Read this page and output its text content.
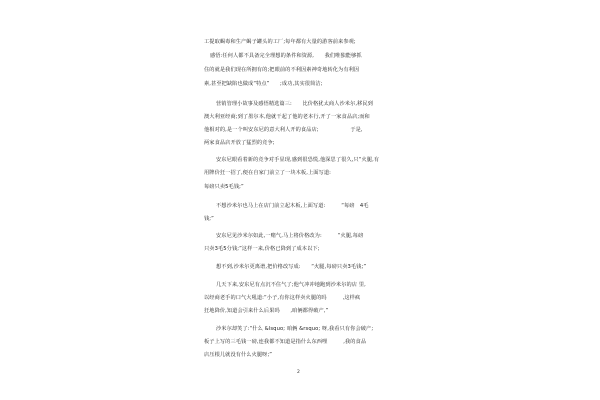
工提取蝎毒和生产蝎子罐头的工厂;每年都有大量的游客前来参观;
感悟:任何人都不具备完全理想的条件和资源,　　我们唯独能够抓
住的就是我们现在所拥有的;把眼前的不利因素神奇地转化为有利因
素,甚至把缺陷也做成“特点”　　;成功,其实很简洁;
营销管理小故事及感悟精选篇三:　　比价格犹太商人沙米尔,移民到
澳大利亚经商;到了墨尔本,他就干起了他的老本行,开了一家食品店;而和
他相对的,是一个叫安东尼的意大利人开的食品店;　　　　　　于是,
两家食品店开放了猛烈的竞争;
安东尼眼看着新的竞争对手显现,感到很恐慌,他深思了很久,只“火腿,有
用牌价狂一招了,便在自家门前立了一块木板,上面写道:
每磅只卖5毛钱;”
不想沙米尔也马上在店门前立起木板,上面写道:　　　“每磅　4毛
钱;”
安东尼见沙米尔如此,一赌气,马上将价格改为:　　　“火腿,每磅
只卖3毛5分钱;”这样一来,价格已降到了成本以下;
想不到,沙米尔更离谱,把价格改写成:　　“火腿,每磅只卖3毛钱;”
几天下来,安东尼有点沉不住气了;他气冲冲地跑到沙米尔的店 里,
以经商老手的口气大吼道:“小子,有你这样卖火腿的吗　　　,这样疯
狂地降价,知道会引来什么后果吗　　,咱俩都得破产,”
沙米尔却笑了:“什么 &lsquo; 咱俩 &rsquo; 呀,我看只有你会破产;
板子上写的三毛钱一磅,连我都不知道是指什么东西哩　　　,我的食品
店压根儿就没有什么火腿呀;”
2
